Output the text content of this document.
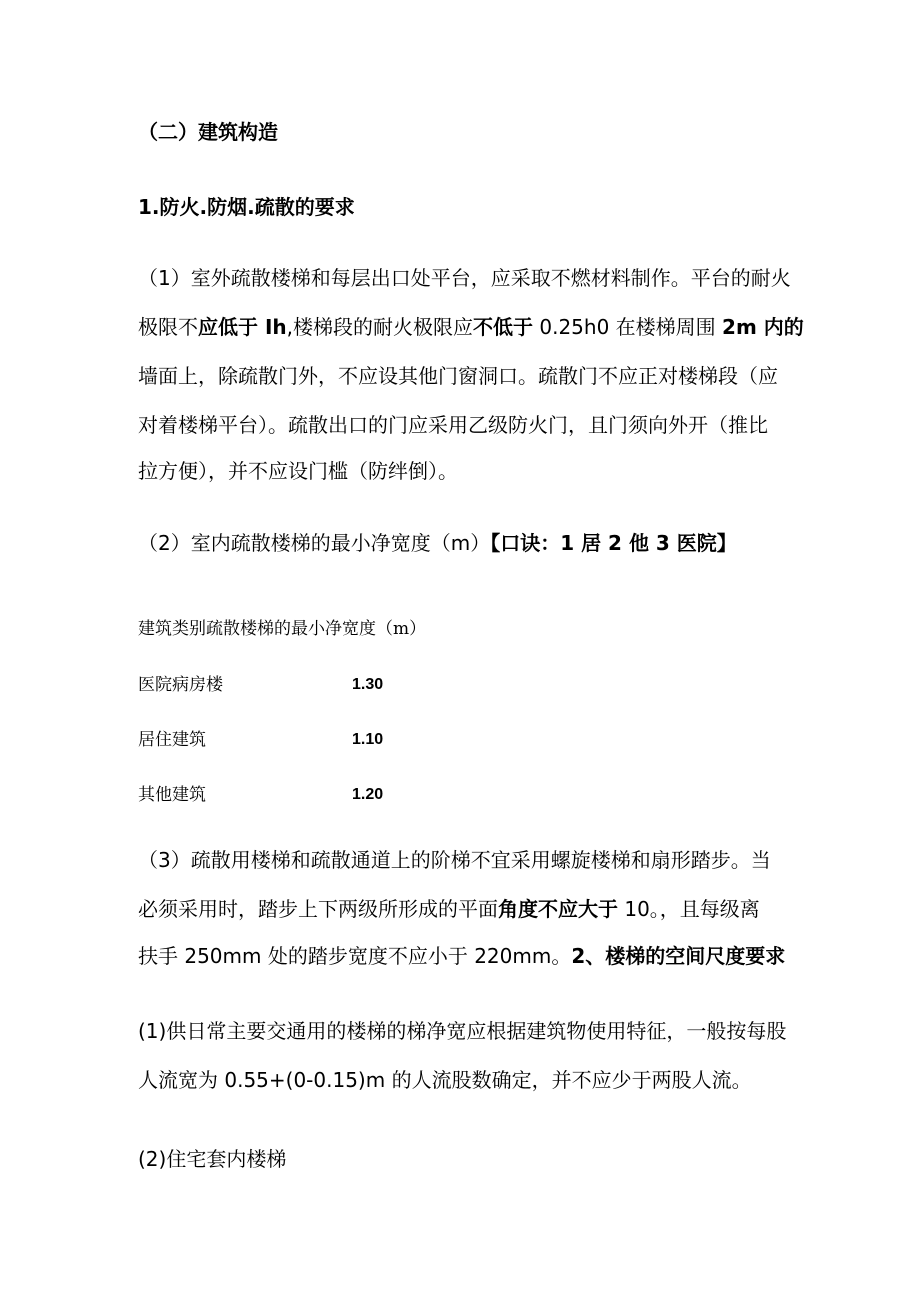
（二）建筑构造
1.防火.防烟.疏散的要求
（1）室外疏散楼梯和每层出口处平台，应采取不燃材料制作。平台的耐火
极限不应低于 Ih,楼梯段的耐火极限应不低于 0.25h0 在楼梯周围 2m 内的
墙面上，除疏散门外，不应设其他门窗洞口。疏散门不应正对楼梯段（应
对着楼梯平台）。疏散出口的门应采用乙级防火门，且门须向外开（推比
拉方便），并不应设门槛（防绊倒）。
（2）室内疏散楼梯的最小净宽度（m）【口诀：1 居 2 他 3 医院】
建筑类别疏散楼梯的最小净宽度（m）
医院病房楼	1.30
居住建筑	1.10
其他建筑	1.20
（3）疏散用楼梯和疏散通道上的阶梯不宜采用螺旋楼梯和扇形踏步。当
必须采用时，踏步上下两级所形成的平面角度不应大于 10。，且每级离
扶手 250mm 处的踏步宽度不应小于 220mm。2、楼梯的空间尺度要求
(1)供日常主要交通用的楼梯的梯净宽应根据建筑物使用特征，一般按每股
人流宽为 0.55+(0-0.15)m 的人流股数确定，并不应少于两股人流。
(2)住宅套内楼梯
